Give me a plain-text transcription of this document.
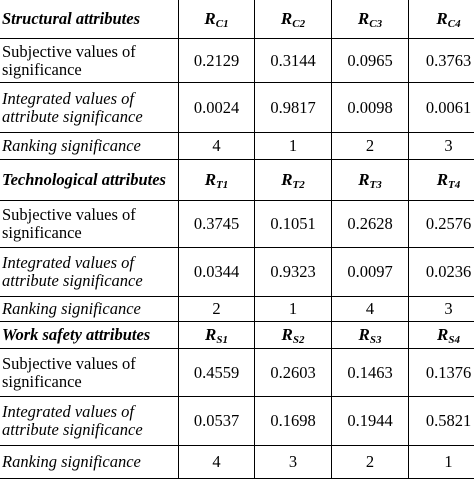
Structural attributes	$R_{C1}$	$R_{C2}$	$R_{C3}$	$R_{C4}$
Subjective values of significance	0.2129	0.3144	0.0965	0.3763
Integrated values of attribute significance	0.0024	0.9817	0.0098	0.0061
Ranking significance	4	1	2	3
Technological attributes	$R_{T1}$	$R_{T2}$	$R_{T3}$	$R_{T4}$
Subjective values of significance	0.3745	0.1051	0.2628	0.2576
Integrated values of attribute significance	0.0344	0.9323	0.0097	0.0236
Ranking significance	2	1	4	3
Work safety attributes	$R_{S1}$	$R_{S2}$	$R_{S3}$	$R_{S4}$
Subjective values of significance	0.4559	0.2603	0.1463	0.1376
Integrated values of attribute significance	0.0537	0.1698	0.1944	0.5821
Ranking significance	4	3	2	1
